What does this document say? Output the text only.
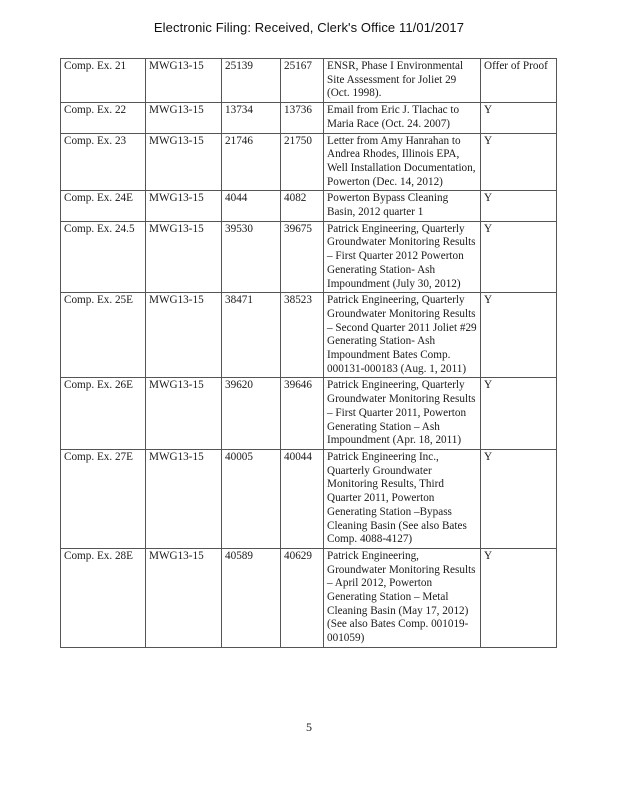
Electronic Filing: Received, Clerk's Office 11/01/2017
Comp. Ex. 21	MWG13-15	25139	25167	ENSR, Phase I Environmental Site Assessment for Joliet 29 (Oct. 1998).	Offer of Proof
Comp. Ex. 22	MWG13-15	13734	13736	Email from Eric J. Tlachac to Maria Race (Oct. 24. 2007)	Y
Comp. Ex. 23	MWG13-15	21746	21750	Letter from Amy Hanrahan to Andrea Rhodes, Illinois EPA, Well Installation Documentation, Powerton (Dec. 14, 2012)	Y
Comp. Ex. 24E	MWG13-15	4044	4082	Powerton Bypass Cleaning Basin, 2012 quarter 1	Y
Comp. Ex. 24.5	MWG13-15	39530	39675	Patrick Engineering, Quarterly Groundwater Monitoring Results – First Quarter 2012 Powerton Generating Station- Ash Impoundment (July 30, 2012)	Y
Comp. Ex. 25E	MWG13-15	38471	38523	Patrick Engineering, Quarterly Groundwater Monitoring Results – Second Quarter 2011 Joliet #29 Generating Station- Ash Impoundment Bates Comp. 000131-000183 (Aug. 1, 2011)	Y
Comp. Ex. 26E	MWG13-15	39620	39646	Patrick Engineering, Quarterly Groundwater Monitoring Results – First Quarter 2011, Powerton Generating Station – Ash Impoundment (Apr. 18, 2011)	Y
Comp. Ex. 27E	MWG13-15	40005	40044	Patrick Engineering Inc., Quarterly Groundwater Monitoring Results, Third Quarter 2011, Powerton Generating Station –Bypass Cleaning Basin (See also Bates Comp. 4088-4127)	Y
Comp. Ex. 28E	MWG13-15	40589	40629	Patrick Engineering, Groundwater Monitoring Results – April 2012, Powerton Generating Station – Metal Cleaning Basin (May 17, 2012) (See also Bates Comp. 001019-001059)	Y
5
